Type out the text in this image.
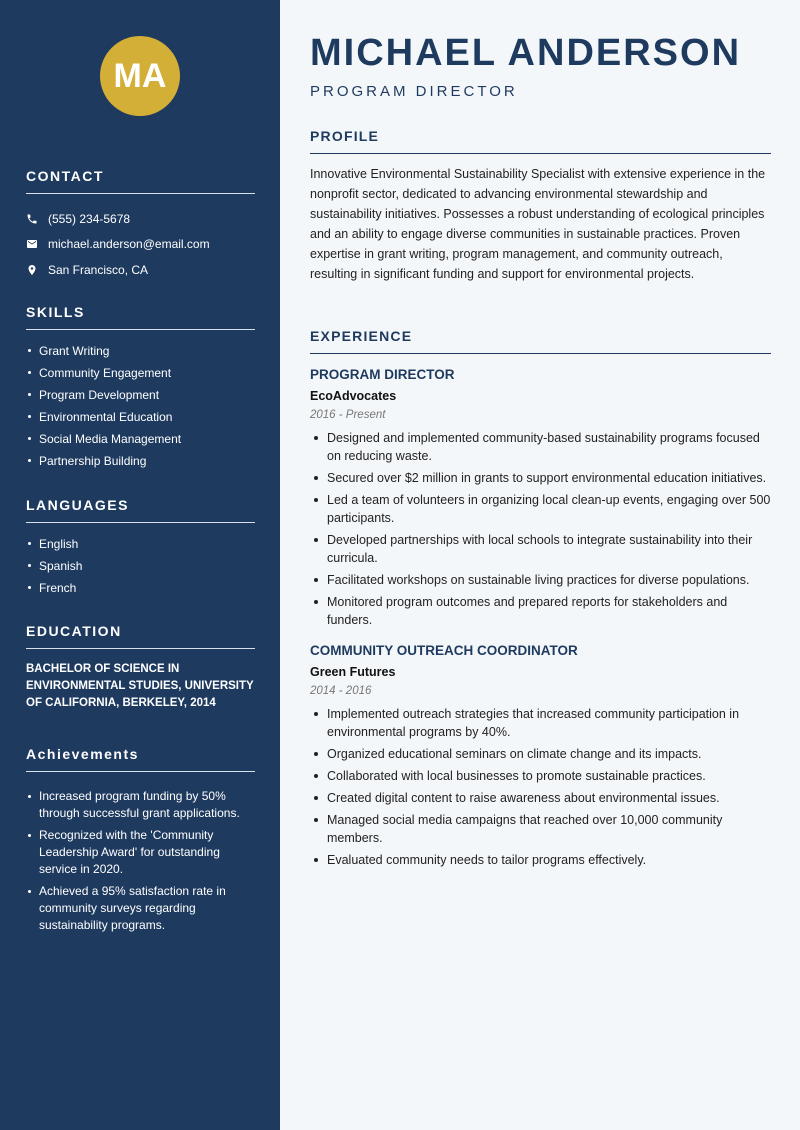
MA
CONTACT
(555) 234-5678
michael.anderson@email.com
San Francisco, CA
SKILLS
Grant Writing
Community Engagement
Program Development
Environmental Education
Social Media Management
Partnership Building
LANGUAGES
English
Spanish
French
EDUCATION

BACHELOR OF SCIENCE IN ENVIRONMENTAL STUDIES, UNIVERSITY OF CALIFORNIA, BERKELEY, 2014

Achievements
Increased program funding by 50% through successful grant applications.
Recognized with the 'Community Leadership Award' for outstanding service in 2020.
Achieved a 95% satisfaction rate in community surveys regarding sustainability programs.
MICHAEL ANDERSON
PROGRAM DIRECTOR
PROFILE

Innovative Environmental Sustainability Specialist with extensive experience in the nonprofit sector, dedicated to advancing environmental stewardship and sustainability initiatives. Possesses a robust understanding of ecological principles and an ability to engage diverse communities in sustainable practices. Proven expertise in grant writing, program management, and community outreach, resulting in significant funding and support for environmental projects.

EXPERIENCE
PROGRAM DIRECTOR
EcoAdvocates
2016 - Present
Designed and implemented community-based sustainability programs focused on reducing waste.
Secured over $2 million in grants to support environmental education initiatives.
Led a team of volunteers in organizing local clean-up events, engaging over 500 participants.
Developed partnerships with local schools to integrate sustainability into their curricula.
Facilitated workshops on sustainable living practices for diverse populations.
Monitored program outcomes and prepared reports for stakeholders and funders.
COMMUNITY OUTREACH COORDINATOR
Green Futures
2014 - 2016
Implemented outreach strategies that increased community participation in environmental programs by 40%.
Organized educational seminars on climate change and its impacts.
Collaborated with local businesses to promote sustainable practices.
Created digital content to raise awareness about environmental issues.
Managed social media campaigns that reached over 10,000 community members.
Evaluated community needs to tailor programs effectively.
